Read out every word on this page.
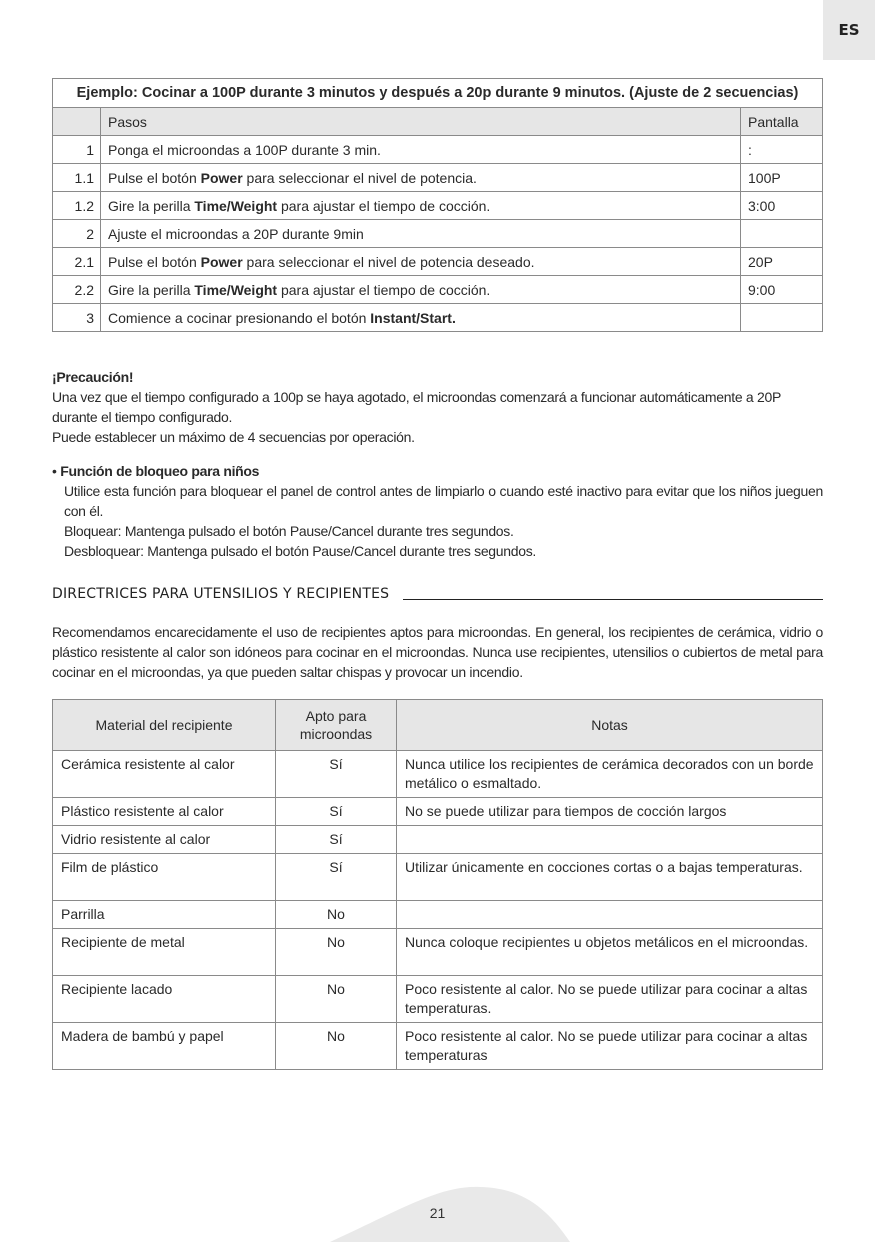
ES
Ejemplo: Cocinar a 100P durante 3 minutos y después a 20p durante 9 minutos. (Ajuste de 2 secuencias)		
	Pasos	Pantalla
1	Ponga el microondas a 100P durante 3 min.	:
1.1	Pulse el botón Power para seleccionar el nivel de potencia.	100P
1.2	Gire la perilla Time/Weight para ajustar el tiempo de cocción.	3:00
2	Ajuste el microondas a 20P durante 9min	
2.1	Pulse el botón Power para seleccionar el nivel de potencia deseado.	20P
2.2	Gire la perilla Time/Weight para ajustar el tiempo de cocción.	9:00
3	Comience a cocinar presionando el botón Instant/Start.	
¡Precaución!
Una vez que el tiempo configurado a 100p se haya agotado, el microondas comenzará a funcionar automáticamente a 20P durante el tiempo configurado.
Puede establecer un máximo de 4 secuencias por operación.
• Función de bloqueo para niños
Utilice esta función para bloquear el panel de control antes de limpiarlo o cuando esté inactivo para evitar que los niños jueguen con él.
Bloquear: Mantenga pulsado el botón Pause/Cancel durante tres segundos.
Desbloquear: Mantenga pulsado el botón Pause/Cancel durante tres segundos.
DIRECTRICES PARA UTENSILIOS Y RECIPIENTES
Recomendamos encarecidamente el uso de recipientes aptos para microondas. En general, los recipientes de cerámica, vidrio o plástico resistente al calor son idóneos para cocinar en el microondas. Nunca use recipientes, utensilios o cubiertos de metal para cocinar en el microondas, ya que pueden saltar chispas y provocar un incendio.
Material del recipiente	Apto para microondas	Notas
Cerámica resistente al calor	Sí	Nunca utilice los recipientes de cerámica decorados con un borde metálico o esmaltado.
Plástico resistente al calor	Sí	No se puede utilizar para tiempos de cocción largos
Vidrio resistente al calor	Sí	
Film de plástico	Sí	Utilizar únicamente en cocciones cortas o a bajas temperaturas.
Parrilla	No	
Recipiente de metal	No	Nunca coloque recipientes u objetos metálicos en el microondas.
Recipiente lacado	No	Poco resistente al calor. No se puede utilizar para cocinar a altas temperaturas.
Madera de bambú y papel	No	Poco resistente al calor. No se puede utilizar para cocinar a altas temperaturas
21
